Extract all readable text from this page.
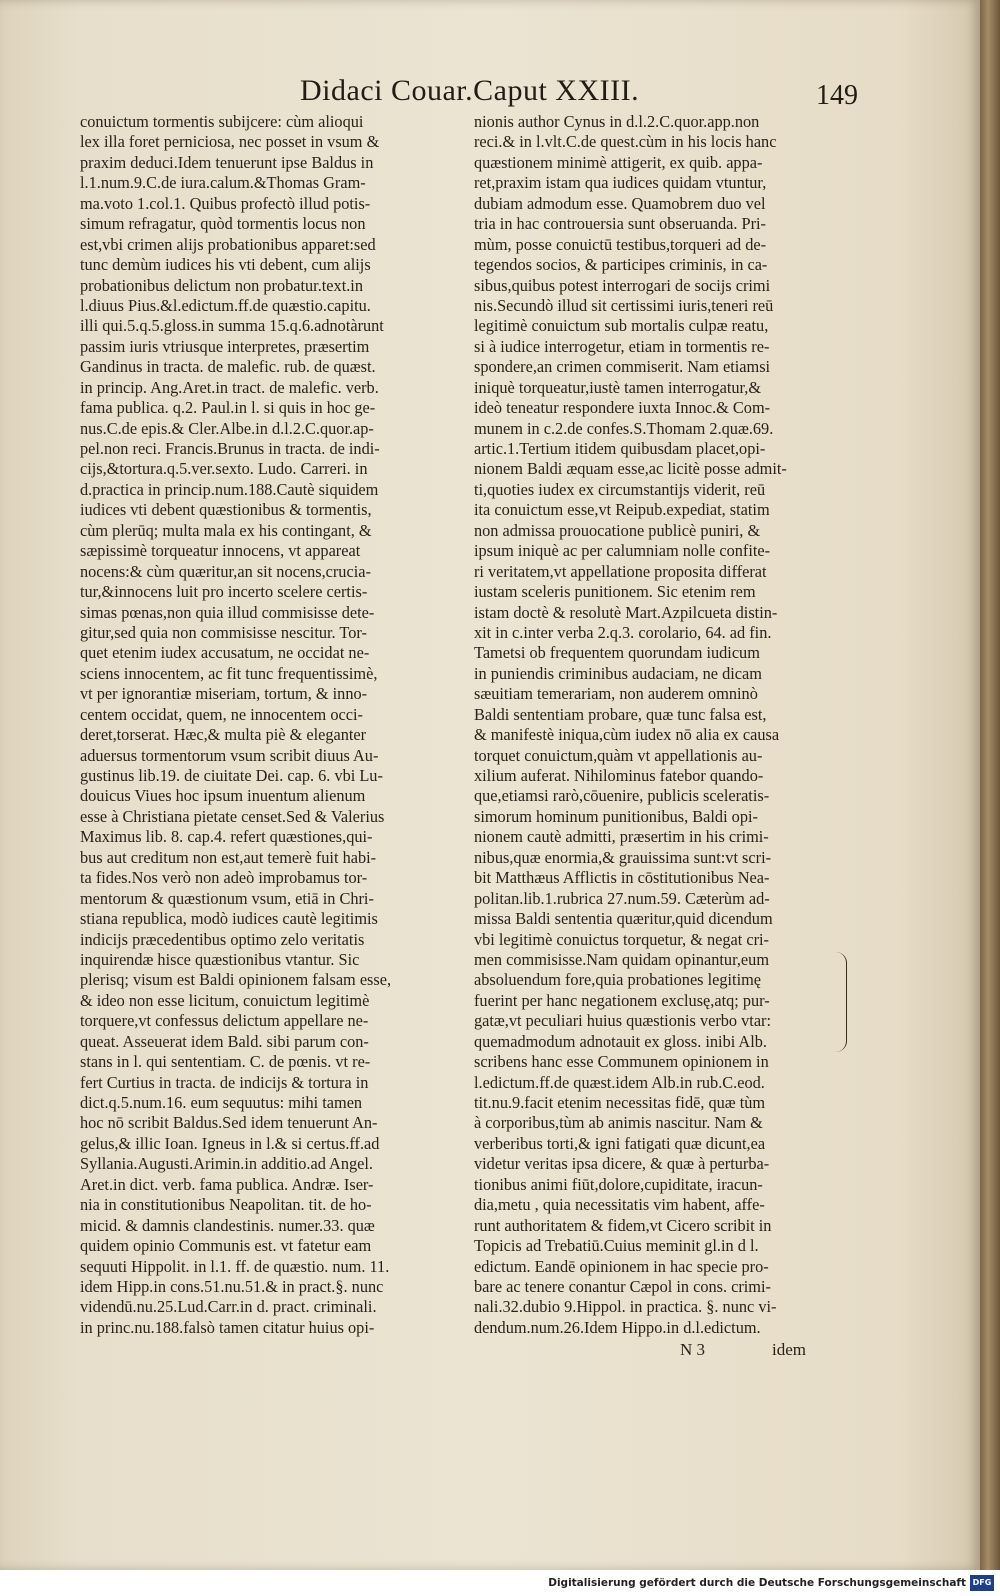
Didaci Couar.Caput XXIII.	149
conuictum tormentis subijcere: cùm alioqui
lex illa foret perniciosa, nec posset in vsum &
praxim deduci.Idem tenuerunt ipse Baldus in
l.1.num.9.C.de iura.calum.&Thomas Gram-
ma.voto 1.col.1. Quibus profectò illud potis-
simum refragatur, quòd tormentis locus non
est,vbi crimen alijs probationibus apparet:sed
tunc demùm iudices his vti debent, cum alijs
probationibus delictum non probatur.text.in
l.diuus Pius.&l.edictum.ff.de quæstio.capitu.
illi qui.5.q.5.gloss.in summa 15.q.6.adnotàrunt
passim iuris vtriusque interpretes, præsertim
Gandinus in tracta. de malefic. rub. de quæst.
in princip. Ang.Aret.in tract. de malefic. verb.
fama publica. q.2. Paul.in l. si quis in hoc ge-
nus.C.de epis.& Cler.Albe.in d.l.2.C.quor.ap-
pel.non reci. Francis.Brunus in tracta. de indi-
cijs,&tortura.q.5.ver.sexto. Ludo. Carreri. in
d.practica in princip.num.188.Cautè siquidem
iudices vti debent quæstionibus & tormentis,
cùm plerūq; multa mala ex his contingant, &
sæpissimè torqueatur innocens, vt appareat
nocens:& cùm quæritur,an sit nocens,crucia-
tur,&innocens luit pro incerto scelere certis-
simas pœnas,non quia illud commisisse dete-
gitur,sed quia non commisisse nescitur. Tor-
quet etenim iudex accusatum, ne occidat ne-
sciens innocentem, ac fit tunc frequentissimè,
vt per ignorantiæ miseriam, tortum, & inno-
centem occidat, quem, ne innocentem occi-
deret,torserat. Hæc,& multa piè & eleganter
aduersus tormentorum vsum scribit diuus Au-
gustinus lib.19. de ciuitate Dei. cap. 6. vbi Lu-
douicus Viues hoc ipsum inuentum alienum
esse à Christiana pietate censet.Sed & Valerius
Maximus lib. 8. cap.4. refert quæstiones,qui-
bus aut creditum non est,aut temerè fuit habi-
ta fides.Nos verò non adeò improbamus tor-
mentorum & quæstionum vsum, etiā in Chri-
stiana republica, modò iudices cautè legitimis
indicijs præcedentibus optimo zelo veritatis
inquirendæ hisce quæstionibus vtantur. Sic
plerisq; visum est Baldi opinionem falsam esse,
& ideo non esse licitum, conuictum legitimè
torquere,vt confessus delictum appellare ne-
queat. Asseuerat idem Bald. sibi parum con-
stans in l. qui sententiam. C. de pœnis. vt re-
fert Curtius in tracta. de indicijs & tortura in
dict.q.5.num.16. eum sequutus: mihi tamen
hoc nō scribit Baldus.Sed idem tenuerunt An-
gelus,& illic Ioan. Igneus in l.& si certus.ff.ad
Syllania.Augusti.Arimin.in additio.ad Angel.
Aret.in dict. verb. fama publica. Andræ. Iser-
nia in constitutionibus Neapolitan. tit. de ho-
micid. & damnis clandestinis. numer.33. quæ
quidem opinio Communis est. vt fatetur eam
sequuti Hippolit. in l.1. ff. de quæstio. num. 11.
idem Hipp.in cons.51.nu.51.& in pract.§. nunc
videndū.nu.25.Lud.Carr.in d. pract. criminali.
in princ.nu.188.falsò tamen citatur huius opi-
nionis author Cynus in d.l.2.C.quor.app.non
reci.& in l.vlt.C.de quest.cùm in his locis hanc
quæstionem minimè attigerit, ex quib. appa-
ret,praxim istam qua iudices quidam vtuntur,
dubiam admodum esse. Quamobrem duo vel
tria in hac controuersia sunt obseruanda. Pri-
mùm, posse conuictū testibus,torqueri ad de-
tegendos socios, & participes criminis, in ca-
sibus,quibus potest interrogari de socijs crimi
nis.Secundò illud sit certissimi iuris,teneri reū
legitimè conuictum sub mortalis culpæ reatu,
si à iudice interrogetur, etiam in tormentis re-
spondere,an crimen commiserit. Nam etiamsi
iniquè torqueatur,iustè tamen interrogatur,&
ideò teneatur respondere iuxta Innoc.& Com-
munem in c.2.de confes.S.Thomam 2.quæ.69.
artic.1.Tertium itidem quibusdam placet,opi-
nionem Baldi æquam esse,ac licitè posse admit-
ti,quoties iudex ex circumstantijs viderit, reū
ita conuictum esse,vt Reipub.expediat, statim
non admissa prouocatione publicè puniri, &
ipsum iniquè ac per calumniam nolle confite-
ri veritatem,vt appellatione proposita differat
iustam sceleris punitionem. Sic etenim rem
istam doctè & resolutè Mart.Azpilcueta distin-
xit in c.inter verba 2.q.3. corolario, 64. ad fin.
Tametsi ob frequentem quorundam iudicum
in puniendis criminibus audaciam, ne dicam
sæuitiam temerariam, non auderem omninò
Baldi sententiam probare, quæ tunc falsa est,
& manifestè iniqua,cùm iudex nō alia ex causa
torquet conuictum,quàm vt appellationis au-
xilium auferat. Nihilominus fatebor quando-
que,etiamsi rarò,cōuenire, publicis sceleratis-
simorum hominum punitionibus, Baldi opi-
nionem cautè admitti, præsertim in his crimi-
nibus,quæ enormia,& grauissima sunt:vt scri-
bit Matthæus Afflictis in cōstitutionibus Nea-
politan.lib.1.rubrica 27.num.59. Cæterùm ad-
missa Baldi sententia quæritur,quid dicendum
vbi legitimè conuictus torquetur, & negat cri-
men commisisse.Nam quidam opinantur,eum
absoluendum fore,quia probationes legitimę
fuerint per hanc negationem exclusę,atq; pur-
gatæ,vt peculiari huius quæstionis verbo vtar:
quemadmodum adnotauit ex gloss. inibi Alb.
scribens hanc esse Communem opinionem in
l.edictum.ff.de quæst.idem Alb.in rub.C.eod.
tit.nu.9.facit etenim necessitas fidē, quæ tùm
à corporibus,tùm ab animis nascitur. Nam &
verberibus torti,& igni fatigati quæ dicunt,ea
videtur veritas ipsa dicere, & quæ à perturba-
tionibus animi fiūt,dolore,cupiditate, iracun-
dia,metu , quia necessitatis vim habent, affe-
runt authoritatem & fidem,vt Cicero scribit in
Topicis ad Trebatiū.Cuius meminit gl.in d l.
edictum. Eandē opinionem in hac specie pro-
bare ac tenere conantur Cæpol in cons. crimi-
nali.32.dubio 9.Hippol. in practica. §. nunc vi-
dendum.num.26.Idem Hippo.in d.l.edictum.
N 3	idem
Digitalisierung gefördert durch die Deutsche Forschungsgemeinschaft DFG
